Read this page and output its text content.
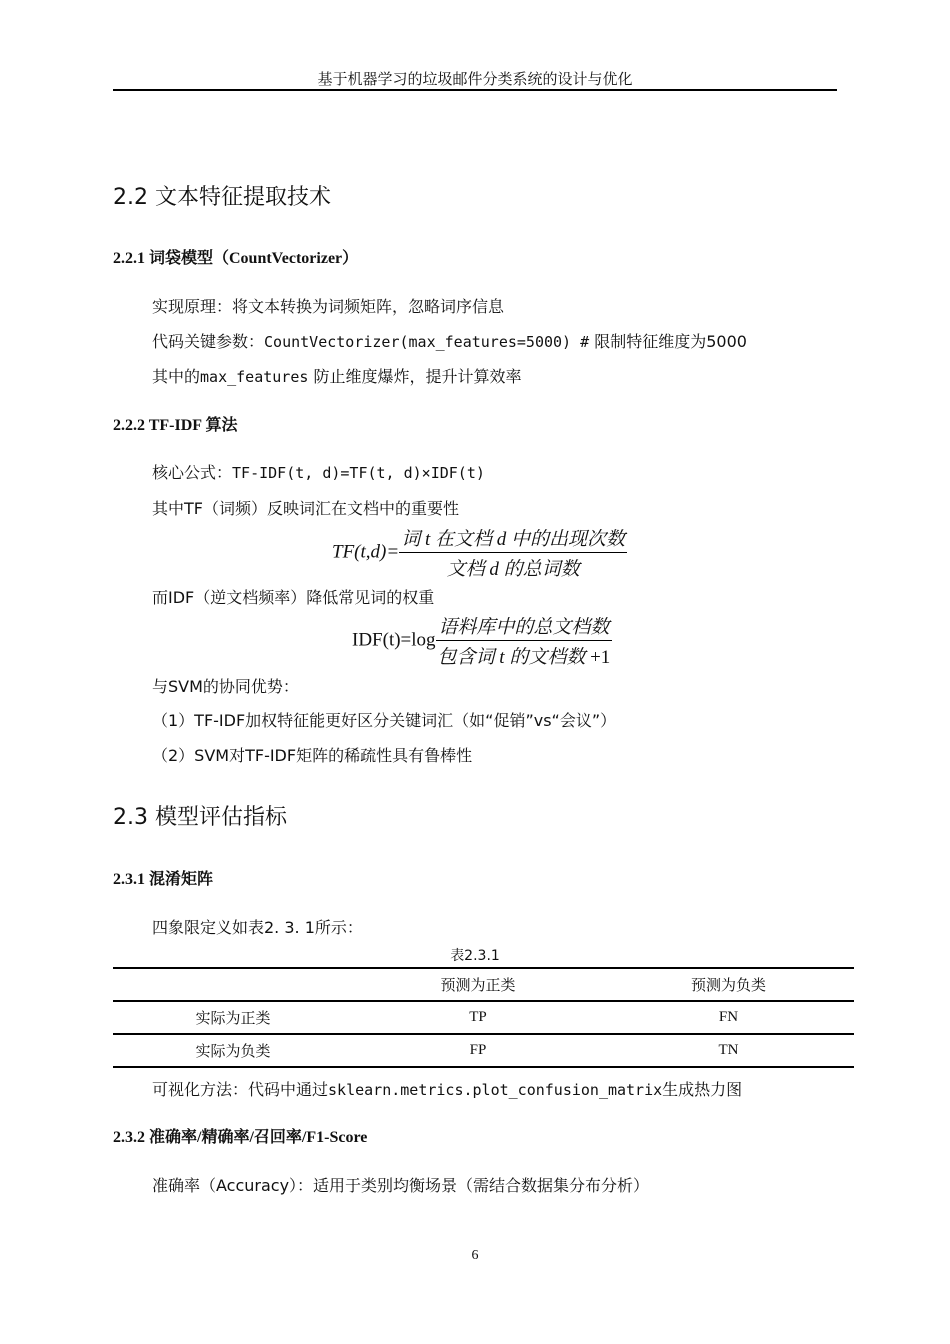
基于机器学习的垃圾邮件分类系统的设计与优化
2.2 文本特征提取技术
2.2.1 词袋模型（CountVectorizer）
实现原理：将文本转换为词频矩阵，忽略词序信息
代码关键参数：CountVectorizer(max_features=5000) # 限制特征维度为5000
其中的max_features 防止维度爆炸，提升计算效率
2.2.2 TF-IDF 算法
核心公式：TF-IDF(t, d)=TF(t, d)×IDF(t)
其中TF（词频）反映词汇在文档中的重要性
$TF(t,d)= \frac{\text{词 t 在文档 d 中的出现次数}}{\text{文档 d 的总词数}}$
而IDF（逆文档频率）降低常见词的权重
$IDF(t)=\log \frac{\text{语料库中的总文档数}}{\text{包含词 t 的文档数 +1}}$
与SVM的协同优势：
（1）TF-IDF加权特征能更好区分关键词汇（如“促销”vs“会议”）
（2）SVM对TF-IDF矩阵的稀疏性具有鲁棒性
2.3 模型评估指标
2.3.1 混淆矩阵
四象限定义如表2. 3. 1所示：
表2.3.1
	预测为正类	预测为负类
实际为正类	TP	FN
实际为负类	FP	TN
可视化方法：代码中通过sklearn.metrics.plot_confusion_matrix生成热力图
2.3.2 准确率/精确率/召回率/F1-Score
准确率（Accuracy）：适用于类别均衡场景（需结合数据集分布分析）
6
